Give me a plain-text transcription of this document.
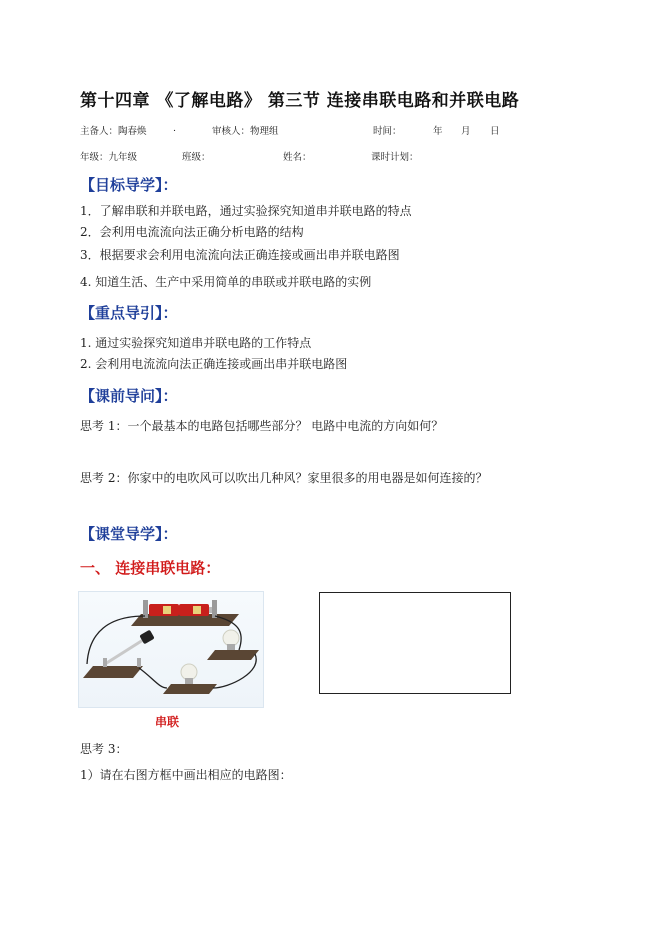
第十四章 《了解电路》 第三节 连接串联电路和并联电路
主备人：陶春焕	.	审核人：物理组	时间：	年 月 日
年级：九年级	班级：	姓名：	课时计划：
【目标导学】：
1．了解串联和并联电路，通过实验探究知道串并联电路的特点
2．会利用电流流向法正确分析电路的结构
3．根据要求会利用电流流向法正确连接或画出串并联电路图
4. 知道生活、生产中采用简单的串联或并联电路的实例
【重点导引】：
1. 通过实验探究知道串并联电路的工作特点
2. 会利用电流流向法正确连接或画出串并联电路图
【课前导问】：
思考 1：一个最基本的电路包括哪些部分？ 电路中电流的方向如何？
思考 2：你家中的电吹风可以吹出几种风？家里很多的用电器是如何连接的？
【课堂导学】：
一、 连接串联电路：
串联
思考 3：
1）请在右图方框中画出相应的电路图：
